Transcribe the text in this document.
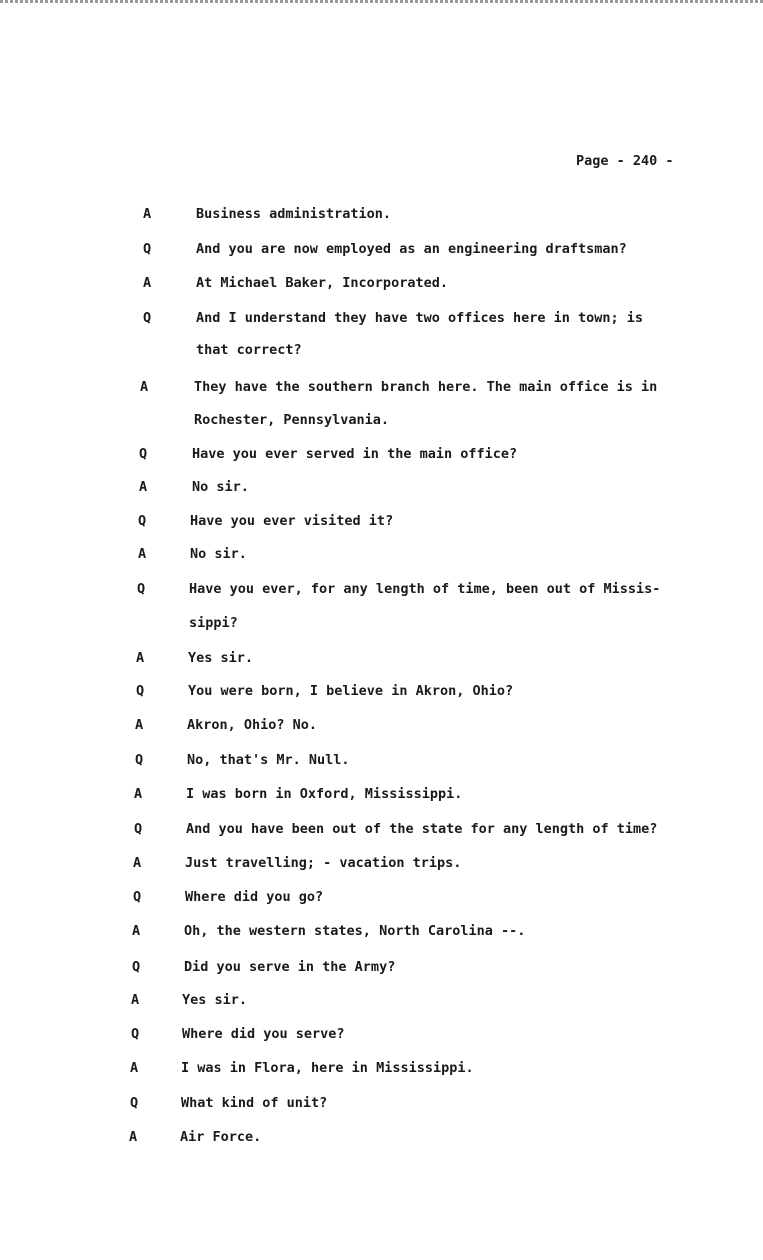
Page - 240 -
A	Business administration.
Q	And you are now employed as an engineering draftsman?
A	At Michael Baker, Incorporated.
Q	And I understand they have two offices here in town; is
that correct?
A	They have the southern branch here. The main office is in
Rochester, Pennsylvania.
Q	Have you ever served in the main office?
A	No sir.
Q	Have you ever visited it?
A	No sir.
Q	Have you ever, for any length of time, been out of Missis-
sippi?
A	Yes sir.
Q	You were born, I believe in Akron, Ohio?
A	Akron, Ohio? No.
Q	No, that's Mr. Null.
A	I was born in Oxford, Mississippi.
Q	And you have been out of the state for any length of time?
A	Just travelling; - vacation trips.
Q	Where did you go?
A	Oh, the western states, North Carolina --.
Q	Did you serve in the Army?
A	Yes sir.
Q	Where did you serve?
A	I was in Flora, here in Mississippi.
Q	What kind of unit?
A	Air Force.
